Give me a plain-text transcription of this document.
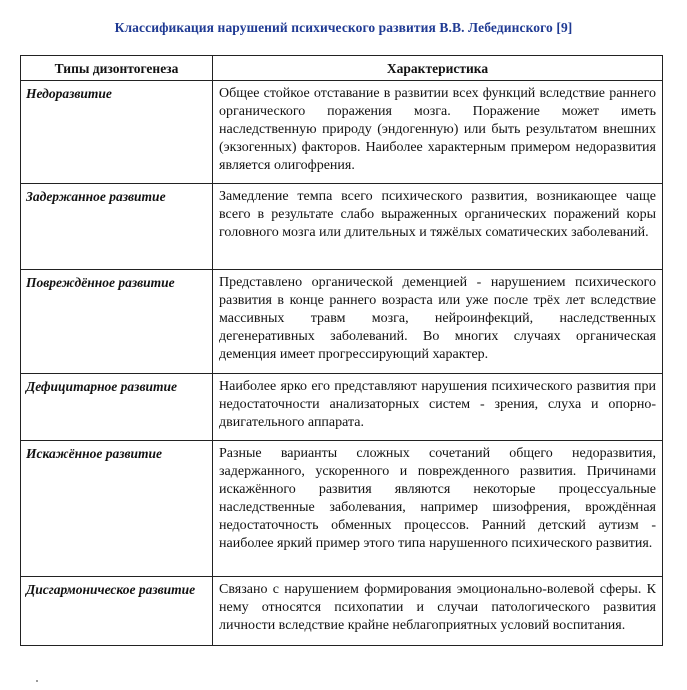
Классификация нарушений психического развития В.В. Лебединского [9]
Типы дизонтогенеза	Характеристика
Недоразвитие	Общее стойкое отставание в развитии всех функций вследствие раннего органического поражения мозга. Поражение может иметь наследственную природу (эндогенную) или быть результатом внешних (экзогенных) факторов. Наиболее характерным примером недоразвития является олигофрения.
Задержанное развитие	Замедление темпа всего психического развития, возникающее чаще всего в результате слабо выраженных органических поражений коры головного мозга или длительных и тяжёлых соматических заболеваний.
Повреждённое развитие	Представлено органической деменцией - нарушением психического развития в конце раннего возраста или уже после трёх лет вследствие массивных травм мозга, нейроинфекций, наследственных дегенеративных заболеваний. Во многих случаях органическая деменция имеет прогрессирующий характер.
Дефицитарное развитие	Наиболее ярко его представляют нарушения психического развития при недостаточности анализаторных систем - зрения, слуха и опорно-двигательного аппарата.
Искажённое развитие	Разные варианты сложных сочетаний общего недоразвития, задержанного, ускоренного и поврежденного развития. Причинами искажённого развития являются некоторые процессуальные наследственные заболевания, например шизофрения, врождённая недостаточность обменных процессов. Ранний детский аутизм - наиболее яркий пример этого типа нарушенного психического развития.
Дисгармоническое развитие	Связано с нарушением формирования эмоционально-волевой сферы. К нему относятся психопатии и случаи патологического развития личности вследствие крайне неблагоприятных условий воспитания.
